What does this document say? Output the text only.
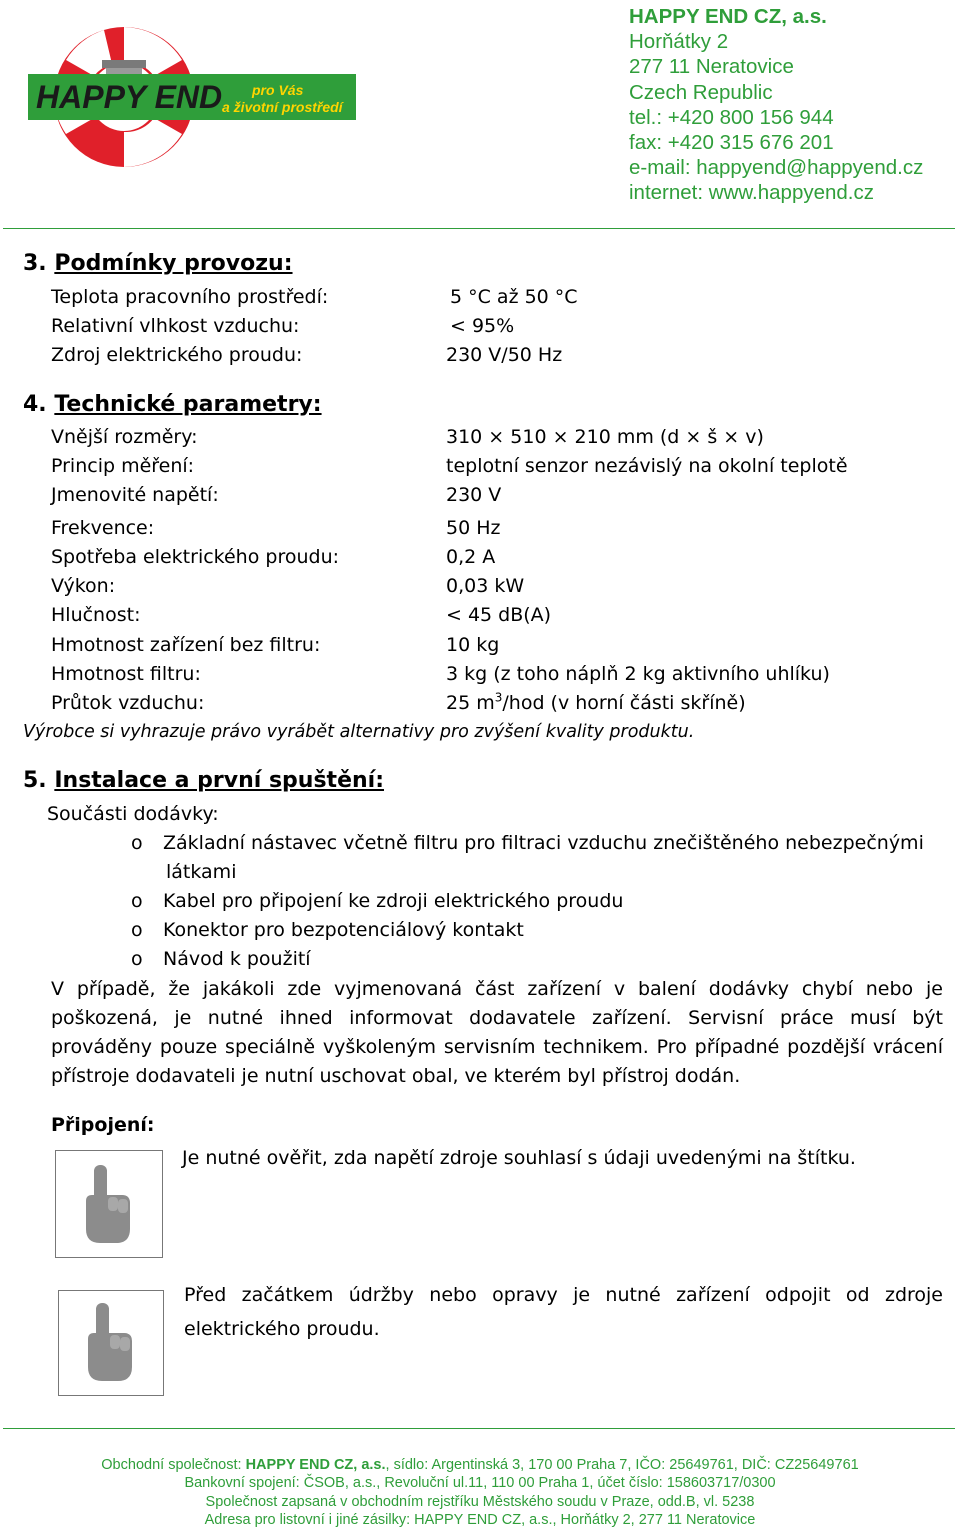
HAPPY END pro Vás
a životní prostředí
HAPPY END CZ, a.s.
Horňátky 2
277 11 Neratovice
Czech Republic
tel.: +420 800 156 944
fax: +420 315 676 201
e-mail: happyend@happyend.cz
internet: www.happyend.cz
3. Podmínky provozu:
Teplota pracovního prostředí:	5 °C až 50 °C
Relativní vlhkost vzduchu:	< 95%
Zdroj elektrického proudu:	230 V/50 Hz
4. Technické parametry:
Vnější rozměry:	310 × 510 × 210 mm (d × š × v)
Princip měření:	teplotní senzor nezávislý na okolní teplotě
Jmenovité napětí:	230 V
Frekvence:	50 Hz
Spotřeba elektrického proudu:	0,2 A
Výkon:	0,03 kW
Hlučnost:	< 45 dB(A)
Hmotnost zařízení bez filtru:	10 kg
Hmotnost filtru:	3 kg (z toho náplň 2 kg aktivního uhlíku)
Průtok vzduchu:	25 $m^3$/hod (v horní části skříně)
Výrobce si vyhrazuje právo vyrábět alternativy pro zvýšení kvality produktu.
5. Instalace a první spuštění:
Součásti dodávky:
o Základní nástavec včetně filtru pro filtraci vzduchu znečištěného nebezpečnými
látkami
o Kabel pro připojení ke zdroji elektrického proudu
o Konektor pro bezpotenciálový kontakt
o Návod k použití
V případě, že jakákoli zde vyjmenovaná část zařízení v balení dodávky chybí nebo je poškozená, je nutné ihned informovat dodavatele zařízení. Servisní práce musí být prováděny pouze speciálně vyškoleným servisním technikem. Pro případné pozdější vrácení přístroje dodavateli je nutní uschovat obal, ve kterém byl přístroj dodán.
Připojení:
Je nutné ověřit, zda napětí zdroje souhlasí s údaji uvedenými na štítku.
Před začátkem údržby nebo opravy je nutné zařízení odpojit od zdroje elektrického proudu.
Obchodní společnost: HAPPY END CZ, a.s., sídlo: Argentinská 3, 170 00 Praha 7, IČO: 25649761, DIČ: CZ25649761
Bankovní spojení: ČSOB, a.s., Revoluční ul.11, 110 00 Praha 1, účet číslo: 158603717/0300
Společnost zapsaná v obchodním rejstříku Městského soudu v Praze, odd.B, vl. 5238
Adresa pro listovní i jiné zásilky: HAPPY END CZ, a.s., Horňátky 2, 277 11 Neratovice
